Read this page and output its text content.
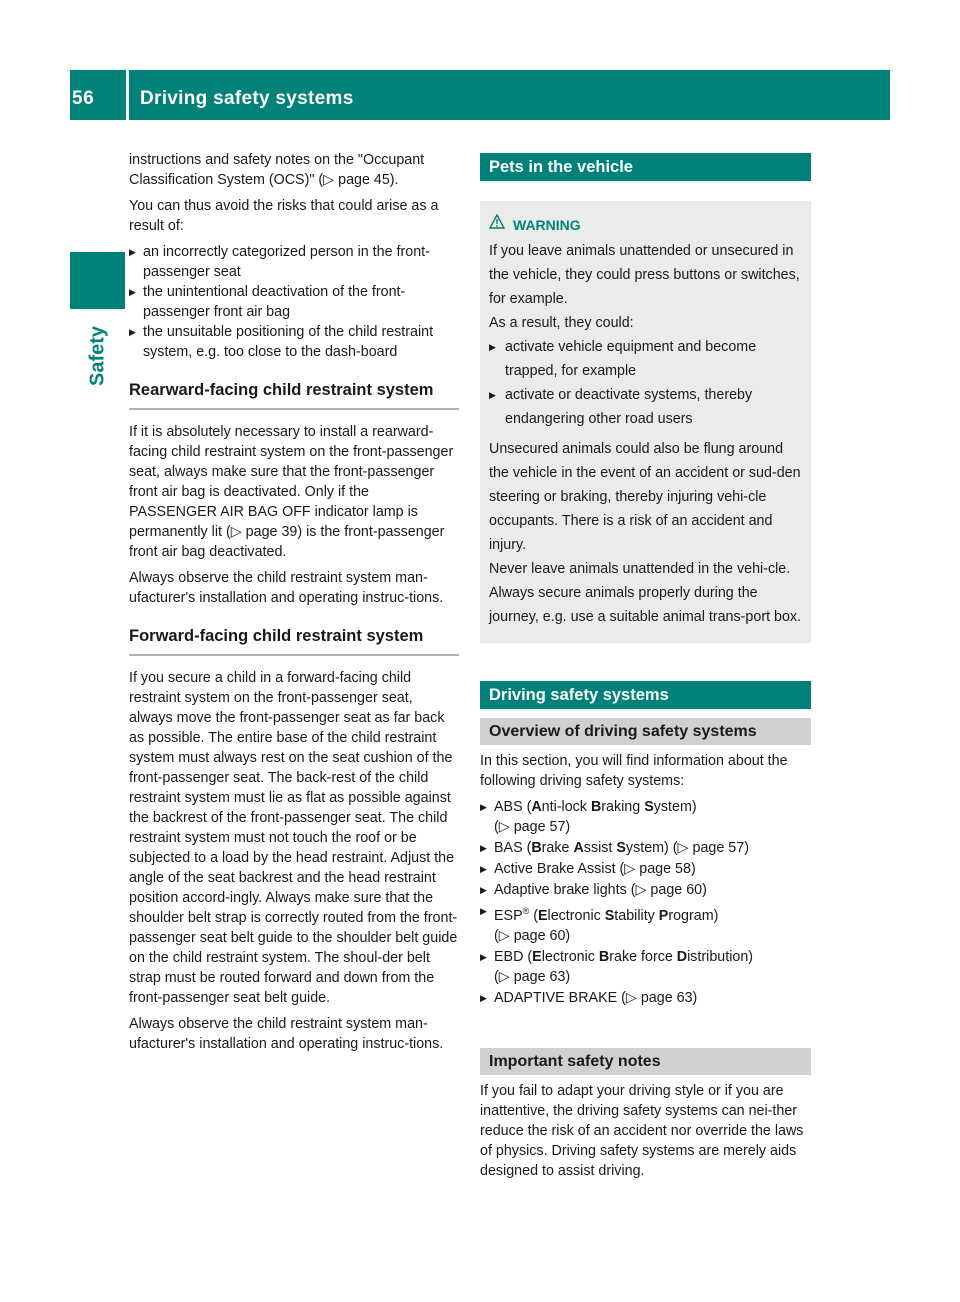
56	Driving safety systems
Safety

instructions and safety notes on the "Occupant Classification System (OCS)" (▷ page 45).

You can thus avoid the risks that could arise as a result of:

▶ an incorrectly categorized person in the front-passenger seat
▶ the unintentional deactivation of the front-passenger front air bag
▶ the unsuitable positioning of the child restraint system, e.g. too close to the dash-board
Rearward-facing child restraint system

If it is absolutely necessary to install a rearward-facing child restraint system on the front-passenger seat, always make sure that the front-passenger front air bag is deactivated. Only if the PASSENGER AIR BAG OFF indicator lamp is permanently lit (▷ page 39) is the front-passenger front air bag deactivated.

Always observe the child restraint system man-ufacturer's installation and operating instruc-tions.

Forward-facing child restraint system

If you secure a child in a forward-facing child restraint system on the front-passenger seat, always move the front-passenger seat as far back as possible. The entire base of the child restraint system must always rest on the seat cushion of the front-passenger seat. The back-rest of the child restraint system must lie as flat as possible against the backrest of the front-passenger seat. The child restraint system must not touch the roof or be subjected to a load by the head restraint. Adjust the angle of the seat backrest and the head restraint position accord-ingly. Always make sure that the shoulder belt strap is correctly routed from the front-passenger seat belt guide to the shoulder belt guide on the child restraint system. The shoul-der belt strap must be routed forward and down from the front-passenger seat belt guide.

Always observe the child restraint system man-ufacturer's installation and operating instruc-tions.

Pets in the vehicle
WARNING

If you leave animals unattended or unsecured in the vehicle, they could press buttons or switches, for example.

As a result, they could:

▶ activate vehicle equipment and become trapped, for example
▶ activate or deactivate systems, thereby endangering other road users

Unsecured animals could also be flung around the vehicle in the event of an accident or sud-den steering or braking, thereby injuring vehi-cle occupants. There is a risk of an accident and injury.

Never leave animals unattended in the vehi-cle. Always secure animals properly during the journey, e.g. use a suitable animal trans-port box.

Driving safety systems
Overview of driving safety systems

In this section, you will find information about the following driving safety systems:

▶ ABS (Anti-lock Braking System)
(▷ page 57)
▶ BAS (Brake Assist System) (▷ page 57)
▶ Active Brake Assist (▷ page 58)
▶ Adaptive brake lights (▷ page 60)
▶ ESP® (Electronic Stability Program)
(▷ page 60)
▶ EBD (Electronic Brake force Distribution)
(▷ page 63)
▶ ADAPTIVE BRAKE (▷ page 63)
Important safety notes

If you fail to adapt your driving style or if you are inattentive, the driving safety systems can nei-ther reduce the risk of an accident nor override the laws of physics. Driving safety systems are merely aids designed to assist driving.
